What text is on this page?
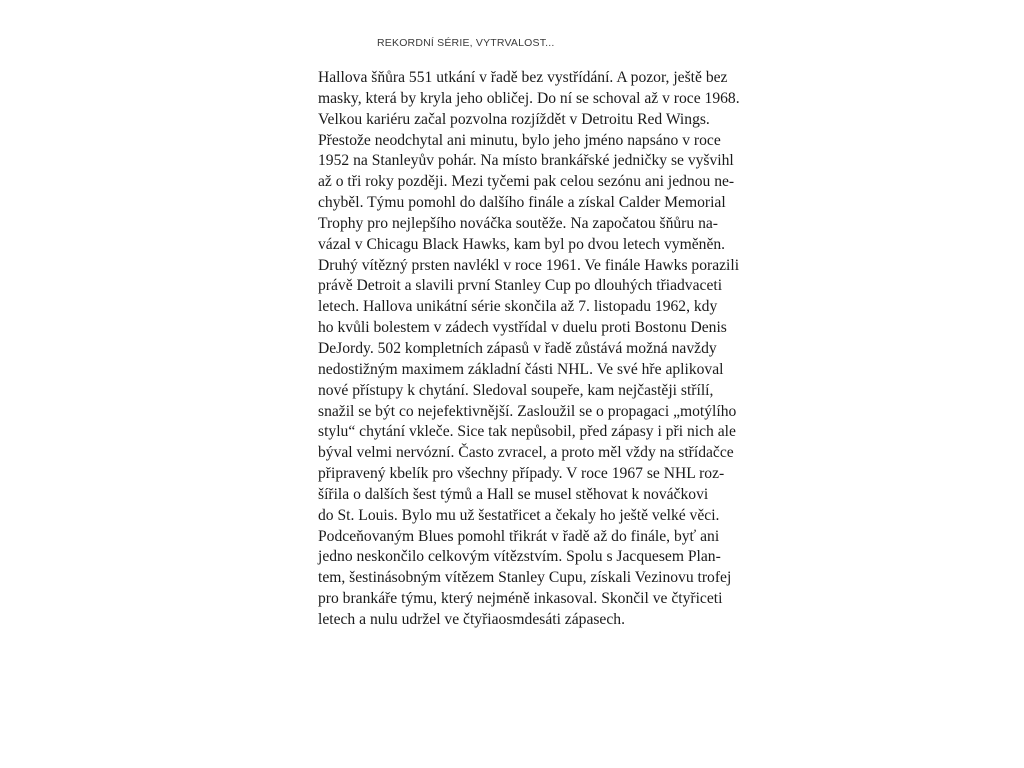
REKORDNÍ SÉRIE, VYTRVALOST...
Hallova šňůra 551 utkání v řadě bez vystřídání. A pozor, ještě bez
masky, která by kryla jeho obličej. Do ní se schoval až v roce 1968.
Velkou kariéru začal pozvolna rozjíždět v Detroitu Red Wings.
Přestože neodchytal ani minutu, bylo jeho jméno napsáno v roce
1952 na Stanleyův pohár. Na místo brankářské jedničky se vyšvihl
až o tři roky později. Mezi tyčemi pak celou sezónu ani jednou ne-
chyběl. Týmu pomohl do dalšího finále a získal Calder Memorial
Trophy pro nejlepšího nováčka soutěže. Na započatou šňůru na-
vázal v Chicagu Black Hawks, kam byl po dvou letech vyměněn.
Druhý vítězný prsten navlékl v roce 1961. Ve finále Hawks porazili
právě Detroit a slavili první Stanley Cup po dlouhých třiadvaceti
letech. Hallova unikátní série skončila až 7. listopadu 1962, kdy
ho kvůli bolestem v zádech vystřídal v duelu proti Bostonu Denis
DeJordy. 502 kompletních zápasů v řadě zůstává možná navždy
nedostižným maximem základní části NHL. Ve své hře aplikoval
nové přístupy k chytání. Sledoval soupeře, kam nejčastěji střílí,
snažil se být co nejefektivnější. Zasloužil se o propagaci „motýlího
stylu“ chytání vkleče. Sice tak nepůsobil, před zápasy i při nich ale
býval velmi nervózní. Často zvracel, a proto měl vždy na střídačce
připravený kbelík pro všechny případy. V roce 1967 se NHL roz-
šířila o dalších šest týmů a Hall se musel stěhovat k nováčkovi
do St. Louis. Bylo mu už šestatřicet a čekaly ho ještě velké věci.
Podceňovaným Blues pomohl třikrát v řadě až do finále, byť ani
jedno neskončilo celkovým vítězstvím. Spolu s Jacquesem Plan-
tem, šestinásobným vítězem Stanley Cupu, získali Vezinovu trofej
pro brankáře týmu, který nejméně inkasoval. Skončil ve čtyřiceti
letech a nulu udržel ve čtyřiaosmdesáti zápasech.
